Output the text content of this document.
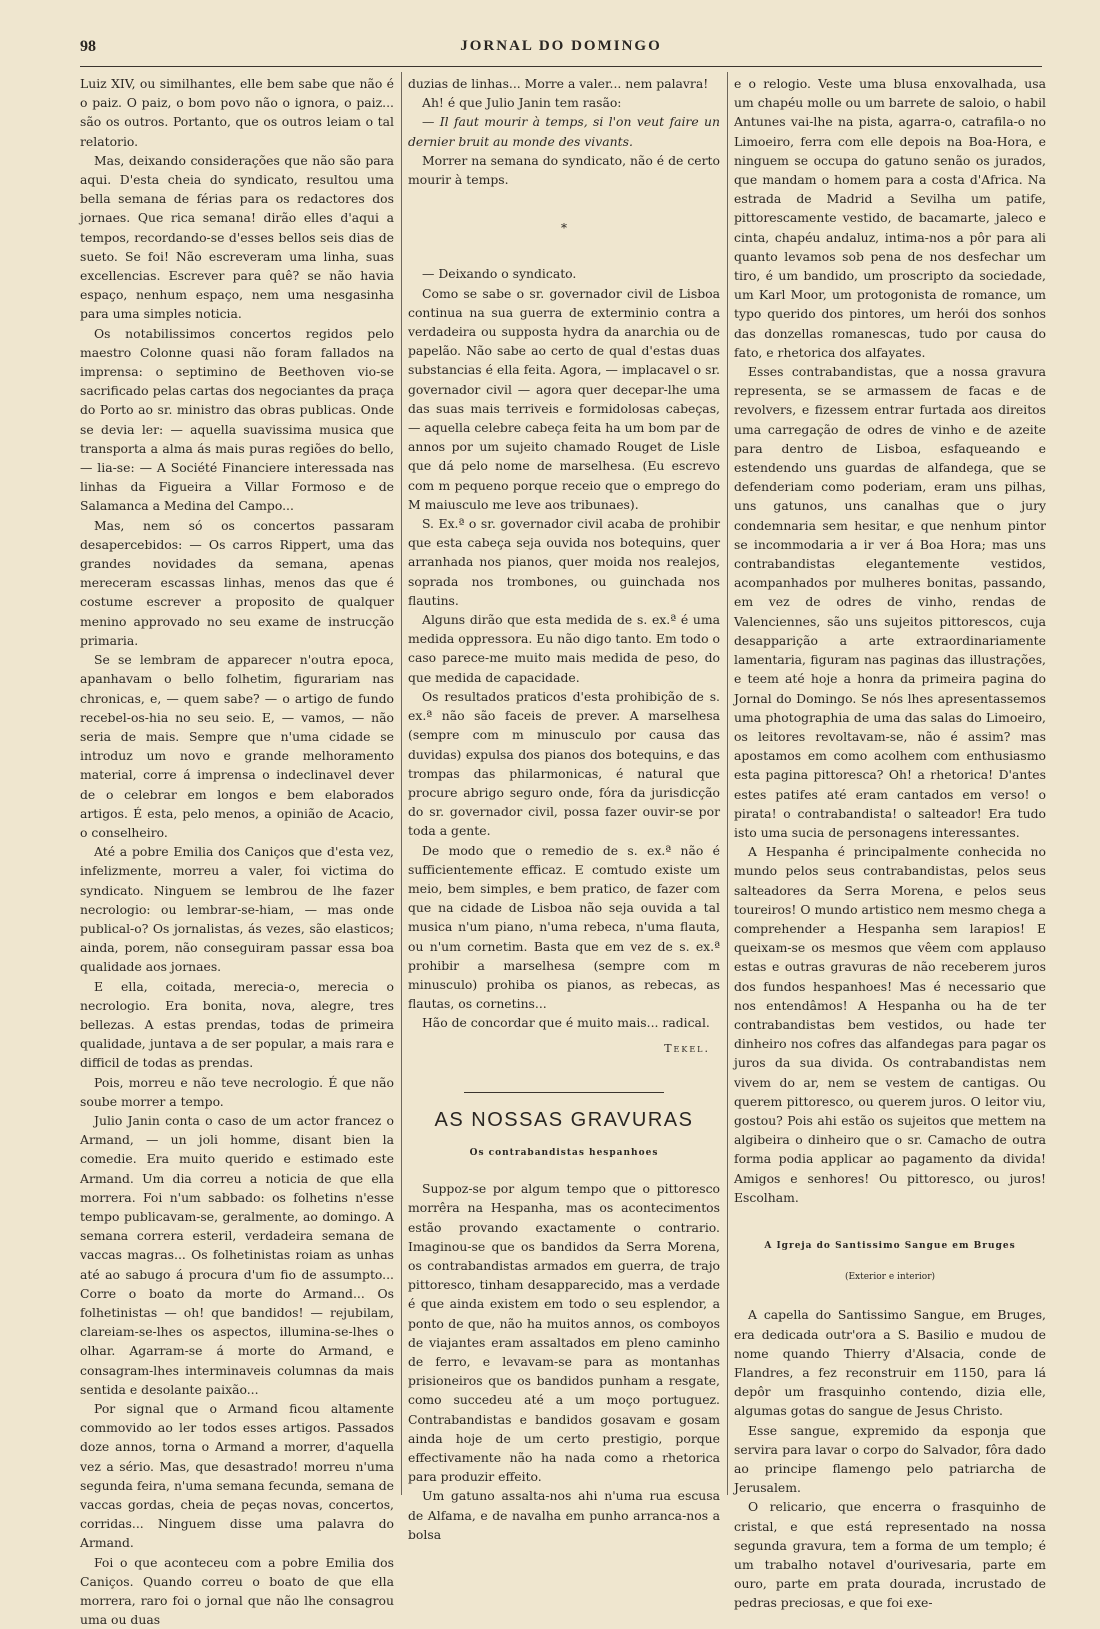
98	JORNAL DO DOMINGO

Luiz XIV, ou similhantes, elle bem sabe que não é o paiz. O paiz, o bom povo não o ignora, o paiz... são os outros. Portanto, que os outros leiam o tal relatorio.

Mas, deixando considerações que não são para aqui. D'esta cheia do syndicato, resultou uma bella semana de férias para os redactores dos jornaes. Que rica semana! dirão elles d'aqui a tempos, recordando-se d'esses bellos seis dias de sueto. Se foi! Não escreveram uma linha, suas excellencias. Escrever para quê? se não havia espaço, nenhum espaço, nem uma nesgasinha para uma simples noticia.

Os notabilissimos concertos regidos pelo maestro Colonne quasi não foram fallados na imprensa: o septimino de Beethoven vio-se sacrificado pelas cartas dos negociantes da praça do Porto ao sr. ministro das obras publicas. Onde se devia ler: — aquella suavissima musica que transporta a alma ás mais puras regiões do bello, — lia-se: — A Société Financiere interessada nas linhas da Figueira a Villar Formoso e de Salamanca a Medina del Campo...

Mas, nem só os concertos passaram desapercebidos: — Os carros Rippert, uma das grandes novidades da semana, apenas mereceram escassas linhas, menos das que é costume escrever a proposito de qualquer menino approvado no seu exame de instrucção primaria.

Se se lembram de apparecer n'outra epoca, apanhavam o bello folhetim, figurariam nas chronicas, e, — quem sabe? — o artigo de fundo recebel-os-hia no seu seio. E, — vamos, — não seria de mais. Sempre que n'uma cidade se introduz um novo e grande melhoramento material, corre á imprensa o indeclinavel dever de o celebrar em longos e bem elaborados artigos. É esta, pelo menos, a opinião de Acacio, o conselheiro.

Até a pobre Emilia dos Caniços que d'esta vez, infelizmente, morreu a valer, foi victima do syndicato. Ninguem se lembrou de lhe fazer necrologio: ou lembrar-se-hiam, — mas onde publical-o? Os jornalistas, ás vezes, são elasticos; ainda, porem, não conseguiram passar essa boa qualidade aos jornaes.

E ella, coitada, merecia-o, merecia o necrologio. Era bonita, nova, alegre, tres bellezas. A estas prendas, todas de primeira qualidade, juntava a de ser popular, a mais rara e difficil de todas as prendas.

Pois, morreu e não teve necrologio. É que não soube morrer a tempo.

Julio Janin conta o caso de um actor francez o Armand, — un joli homme, disant bien la comedie. Era muito querido e estimado este Armand. Um dia correu a noticia de que ella morrera. Foi n'um sabbado: os folhetins n'esse tempo publicavam-se, geralmente, ao domingo. A semana correra esteril, verdadeira semana de vaccas magras... Os folhetinistas roiam as unhas até ao sabugo á procura d'um fio de assumpto... Corre o boato da morte do Armand... Os folhetinistas — oh! que bandidos! — rejubilam, clareiam-se-lhes os aspectos, illumina-se-lhes o olhar. Agarram-se á morte do Armand, e consagram-lhes interminaveis columnas da mais sentida e desolante paixão...

Por signal que o Armand ficou altamente commovido ao ler todos esses artigos. Passados doze annos, torna o Armand a morrer, d'aquella vez a sério. Mas, que desastrado! morreu n'uma segunda feira, n'uma semana fecunda, semana de vaccas gordas, cheia de peças novas, concertos, corridas... Ninguem disse uma palavra do Armand.

Foi o que aconteceu com a pobre Emilia dos Caniços. Quando correu o boato de que ella morrera, raro foi o jornal que não lhe consagrou uma ou duas

duzias de linhas... Morre a valer... nem palavra!

Ah! é que Julio Janin tem rasão:

— Il faut mourir à temps, si l'on veut faire un dernier bruit au monde des vivants.

Morrer na semana do syndicato, não é de certo mourir à temps.

*

— Deixando o syndicato.

Como se sabe o sr. governador civil de Lisboa continua na sua guerra de exterminio contra a verdadeira ou supposta hydra da anarchia ou de papelão. Não sabe ao certo de qual d'estas duas substancias é ella feita. Agora, — implacavel o sr. governador civil — agora quer decepar-lhe uma das suas mais terriveis e formidolosas cabeças, — aquella celebre cabeça feita ha um bom par de annos por um sujeito chamado Rouget de Lisle que dá pelo nome de marselhesa. (Eu escrevo com m pequeno porque receio que o emprego do M maiusculo me leve aos tribunaes).

S. Ex.ª o sr. governador civil acaba de prohibir que esta cabeça seja ouvida nos botequins, quer arranhada nos pianos, quer moida nos realejos, soprada nos trombones, ou guinchada nos flautins.

Alguns dirão que esta medida de s. ex.ª é uma medida oppressora. Eu não digo tanto. Em todo o caso parece-me muito mais medida de peso, do que medida de capacidade.

Os resultados praticos d'esta prohibição de s. ex.ª não são faceis de prever. A marselhesa (sempre com m minusculo por causa das duvidas) expulsa dos pianos dos botequins, e das trompas das philarmonicas, é natural que procure abrigo seguro onde, fóra da jurisdicção do sr. governador civil, possa fazer ouvir-se por toda a gente.

De modo que o remedio de s. ex.ª não é sufficientemente efficaz. E comtudo existe um meio, bem simples, e bem pratico, de fazer com que na cidade de Lisboa não seja ouvida a tal musica n'um piano, n'uma rebeca, n'uma flauta, ou n'um cornetim. Basta que em vez de s. ex.ª prohibir a marselhesa (sempre com m minusculo) prohiba os pianos, as rebecas, as flautas, os cornetins...

Hão de concordar que é muito mais... radical.

Tekel.
AS NOSSAS GRAVURAS
Os contrabandistas hespanhoes

Suppoz-se por algum tempo que o pittoresco morrêra na Hespanha, mas os acontecimentos estão provando exactamente o contrario. Imaginou-se que os bandidos da Serra Morena, os contrabandistas armados em guerra, de trajo pittoresco, tinham desapparecido, mas a verdade é que ainda existem em todo o seu esplendor, a ponto de que, não ha muitos annos, os comboyos de viajantes eram assaltados em pleno caminho de ferro, e levavam-se para as montanhas prisioneiros que os bandidos punham a resgate, como succedeu até a um moço portuguez. Contrabandistas e bandidos gosavam e gosam ainda hoje de um certo prestigio, porque effectivamente não ha nada como a rhetorica para produzir effeito.

Um gatuno assalta-nos ahi n'uma rua escusa de Alfama, e de navalha em punho arranca-nos a bolsa

e o relogio. Veste uma blusa enxovalhada, usa um chapéu molle ou um barrete de saloio, o habil Antunes vai-lhe na pista, agarra-o, catrafila-o no Limoeiro, ferra com elle depois na Boa-Hora, e ninguem se occupa do gatuno senão os jurados, que mandam o homem para a costa d'Africa. Na estrada de Madrid a Sevilha um patife, pittorescamente vestido, de bacamarte, jaleco e cinta, chapéu andaluz, intima-nos a pôr para ali quanto levamos sob pena de nos desfechar um tiro, é um bandido, um proscripto da sociedade, um Karl Moor, um protogonista de romance, um typo querido dos pintores, um herói dos sonhos das donzellas romanescas, tudo por causa do fato, e rhetorica dos alfayates.

Esses contrabandistas, que a nossa gravura representa, se se armassem de facas e de revolvers, e fizessem entrar furtada aos direitos uma carregação de odres de vinho e de azeite para dentro de Lisboa, esfaqueando e estendendo uns guardas de alfandega, que se defenderiam como poderiam, eram uns pilhas, uns gatunos, uns canalhas que o jury condemnaria sem hesitar, e que nenhum pintor se incommodaria a ir ver á Boa Hora; mas uns contrabandistas elegantemente vestidos, acompanhados por mulheres bonitas, passando, em vez de odres de vinho, rendas de Valenciennes, são uns sujeitos pittorescos, cuja desapparição a arte extraordinariamente lamentaria, figuram nas paginas das illustrações, e teem até hoje a honra da primeira pagina do Jornal do Domingo. Se nós lhes apresentassemos uma photographia de uma das salas do Limoeiro, os leitores revoltavam-se, não é assim? mas apostamos em como acolhem com enthusiasmo esta pagina pittoresca? Oh! a rhetorica! D'antes estes patifes até eram cantados em verso! o pirata! o contrabandista! o salteador! Era tudo isto uma sucia de personagens interessantes.

A Hespanha é principalmente conhecida no mundo pelos seus contrabandistas, pelos seus salteadores da Serra Morena, e pelos seus toureiros! O mundo artistico nem mesmo chega a comprehender a Hespanha sem larapios! E queixam-se os mesmos que vêem com applauso estas e outras gravuras de não receberem juros dos fundos hespanhoes! Mas é necessario que nos entendâmos! A Hespanha ou ha de ter contrabandistas bem vestidos, ou hade ter dinheiro nos cofres das alfandegas para pagar os juros da sua divida. Os contrabandistas nem vivem do ar, nem se vestem de cantigas. Ou querem pittoresco, ou querem juros. O leitor viu, gostou? Pois ahi estão os sujeitos que mettem na algibeira o dinheiro que o sr. Camacho de outra forma podia applicar ao pagamento da divida! Amigos e senhores! Ou pittoresco, ou juros! Escolham.

A Igreja do Santissimo Sangue em Bruges
(Exterior e interior)

A capella do Santissimo Sangue, em Bruges, era dedicada outr'ora a S. Basilio e mudou de nome quando Thierry d'Alsacia, conde de Flandres, a fez reconstruir em 1150, para lá depôr um frasquinho contendo, dizia elle, algumas gotas do sangue de Jesus Christo.

Esse sangue, expremido da esponja que servira para lavar o corpo do Salvador, fôra dado ao principe flamengo pelo patriarcha de Jerusalem.

O relicario, que encerra o frasquinho de cristal, e que está representado na nossa segunda gravura, tem a forma de um templo; é um trabalho notavel d'ourivesaria, parte em ouro, parte em prata dourada, incrustado de pedras preciosas, e que foi exe-
